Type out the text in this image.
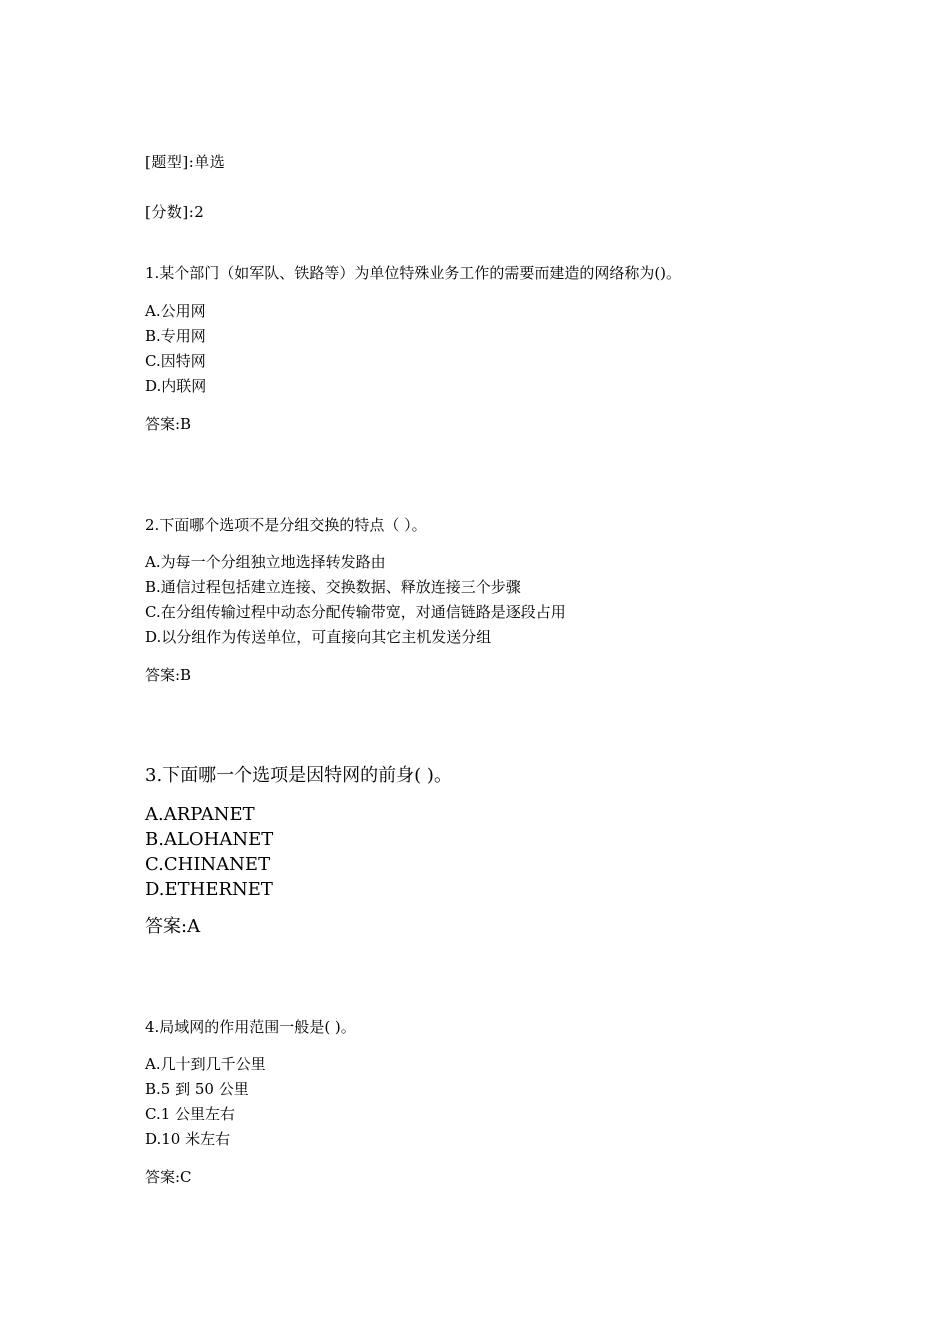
[题型]:单选
[分数]:2
1.某个部门（如军队、铁路等）为单位特殊业务工作的需要而建造的网络称为()。
A.公用网
B.专用网
C.因特网
D.内联网
答案:B
2.下面哪个选项不是分组交换的特点（ ）。
A.为每一个分组独立地选择转发路由
B.通信过程包括建立连接、交换数据、释放连接三个步骤
C.在分组传输过程中动态分配传输带宽，对通信链路是逐段占用
D.以分组作为传送单位，可直接向其它主机发送分组
答案:B
3.下面哪一个选项是因特网的前身( )。
A.ARPANET
B.ALOHANET
C.CHINANET
D.ETHERNET
答案:A
4.局域网的作用范围一般是( )。
A.几十到几千公里
B.5 到 50 公里
C.1 公里左右
D.10 米左右
答案:C
